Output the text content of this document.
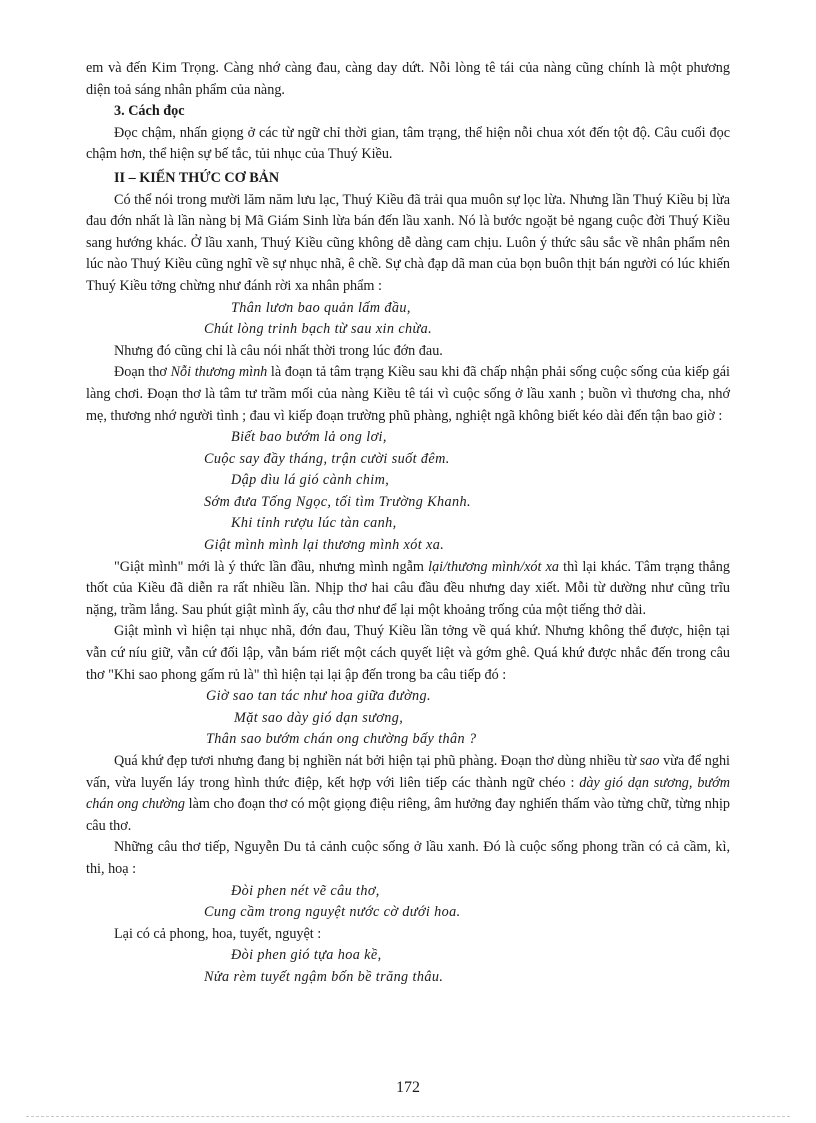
em và đến Kim Trọng. Càng nhớ càng đau, càng day dứt. Nỗi lòng tê tái của nàng cũng chính là một phương diện toả sáng nhân phẩm của nàng.

3. Cách đọc

Đọc chậm, nhấn giọng ở các từ ngữ chỉ thời gian, tâm trạng, thể hiện nỗi chua xót đến tột độ. Câu cuối đọc chậm hơn, thể hiện sự bế tắc, tủi nhục của Thuý Kiều.

II – KIẾN THỨC CƠ BẢN

Có thể nói trong mười lăm năm lưu lạc, Thuý Kiều đã trải qua muôn sự lọc lừa. Nhưng lần Thuý Kiều bị lừa đau đớn nhất là lần nàng bị Mã Giám Sinh lừa bán đến lầu xanh. Nó là bước ngoặt bẻ ngang cuộc đời Thuý Kiều sang hướng khác. Ở lầu xanh, Thuý Kiều cũng không dễ dàng cam chịu. Luôn ý thức sâu sắc về nhân phẩm nên lúc nào Thuý Kiều cũng nghĩ về sự nhục nhã, ê chề. Sự chà đạp dã man của bọn buôn thịt bán người có lúc khiến Thuý Kiều tởng chừng như đánh rời xa nhân phẩm :

Thân lươn bao quản lấm đầu,

Chút lòng trinh bạch từ sau xin chừa.

Nhưng đó cũng chỉ là câu nói nhất thời trong lúc đớn đau.

Đoạn thơ Nỗi thương mình là đoạn tả tâm trạng Kiều sau khi đã chấp nhận phải sống cuộc sống của kiếp gái làng chơi. Đoạn thơ là tâm tư trầm mối của nàng Kiều tê tái vì cuộc sống ở lầu xanh ; buồn vì thương cha, nhớ mẹ, thương nhớ người tình ; đau vì kiếp đoạn trường phũ phàng, nghiệt ngã không biết kéo dài đến tận bao giờ :

Biết bao bướm lả ong lơi,

Cuộc say đầy tháng, trận cười suốt đêm.

Dập dìu lá gió cành chim,

Sớm đưa Tống Ngọc, tối tìm Trường Khanh.

Khi tỉnh rượu lúc tàn canh,

Giật mình mình lại thương mình xót xa.

"Giật mình" mới là ý thức lần đầu, nhưng mình ngẫm lại/thương mình/xót xa thì lại khác. Tâm trạng thẳng thốt của Kiều đã diễn ra rất nhiều lần. Nhịp thơ hai câu đầu đều nhưng day xiết. Mỗi từ dường như cũng trĩu nặng, trầm lắng. Sau phút giật mình ấy, câu thơ như để lại một khoảng trống của một tiếng thở dài.

Giật mình vì hiện tại nhục nhã, đớn đau, Thuý Kiều lần tởng về quá khứ. Nhưng không thể được, hiện tại vẫn cứ níu giữ, vẫn cứ đối lập, vẫn bám riết một cách quyết liệt và gớm ghê. Quá khứ được nhắc đến trong câu thơ "Khi sao phong gấm rủ là" thì hiện tại lại ập đến trong ba câu tiếp đó :

Giờ sao tan tác như hoa giữa đường.

Mặt sao dày gió dạn sương,

Thân sao bướm chán ong chường bấy thân ?

Quá khứ đẹp tươi nhưng đang bị nghiền nát bởi hiện tại phũ phàng. Đoạn thơ dùng nhiều từ sao vừa để nghi vấn, vừa luyến láy trong hình thức điệp, kết hợp với liên tiếp các thành ngữ chéo : dày gió dạn sương, bướm chán ong chường làm cho đoạn thơ có một giọng điệu riêng, âm hưởng đay nghiến thấm vào từng chữ, từng nhịp câu thơ.

Những câu thơ tiếp, Nguyễn Du tả cảnh cuộc sống ở lầu xanh. Đó là cuộc sống phong trần có cả cầm, kì, thi, hoạ :

Đòi phen nét vẽ câu thơ,

Cung cầm trong nguyệt nước cờ dưới hoa.

Lại có cả phong, hoa, tuyết, nguyệt :

Đòi phen gió tựa hoa kề,

Nửa rèm tuyết ngậm bốn bề trăng thâu.

172
